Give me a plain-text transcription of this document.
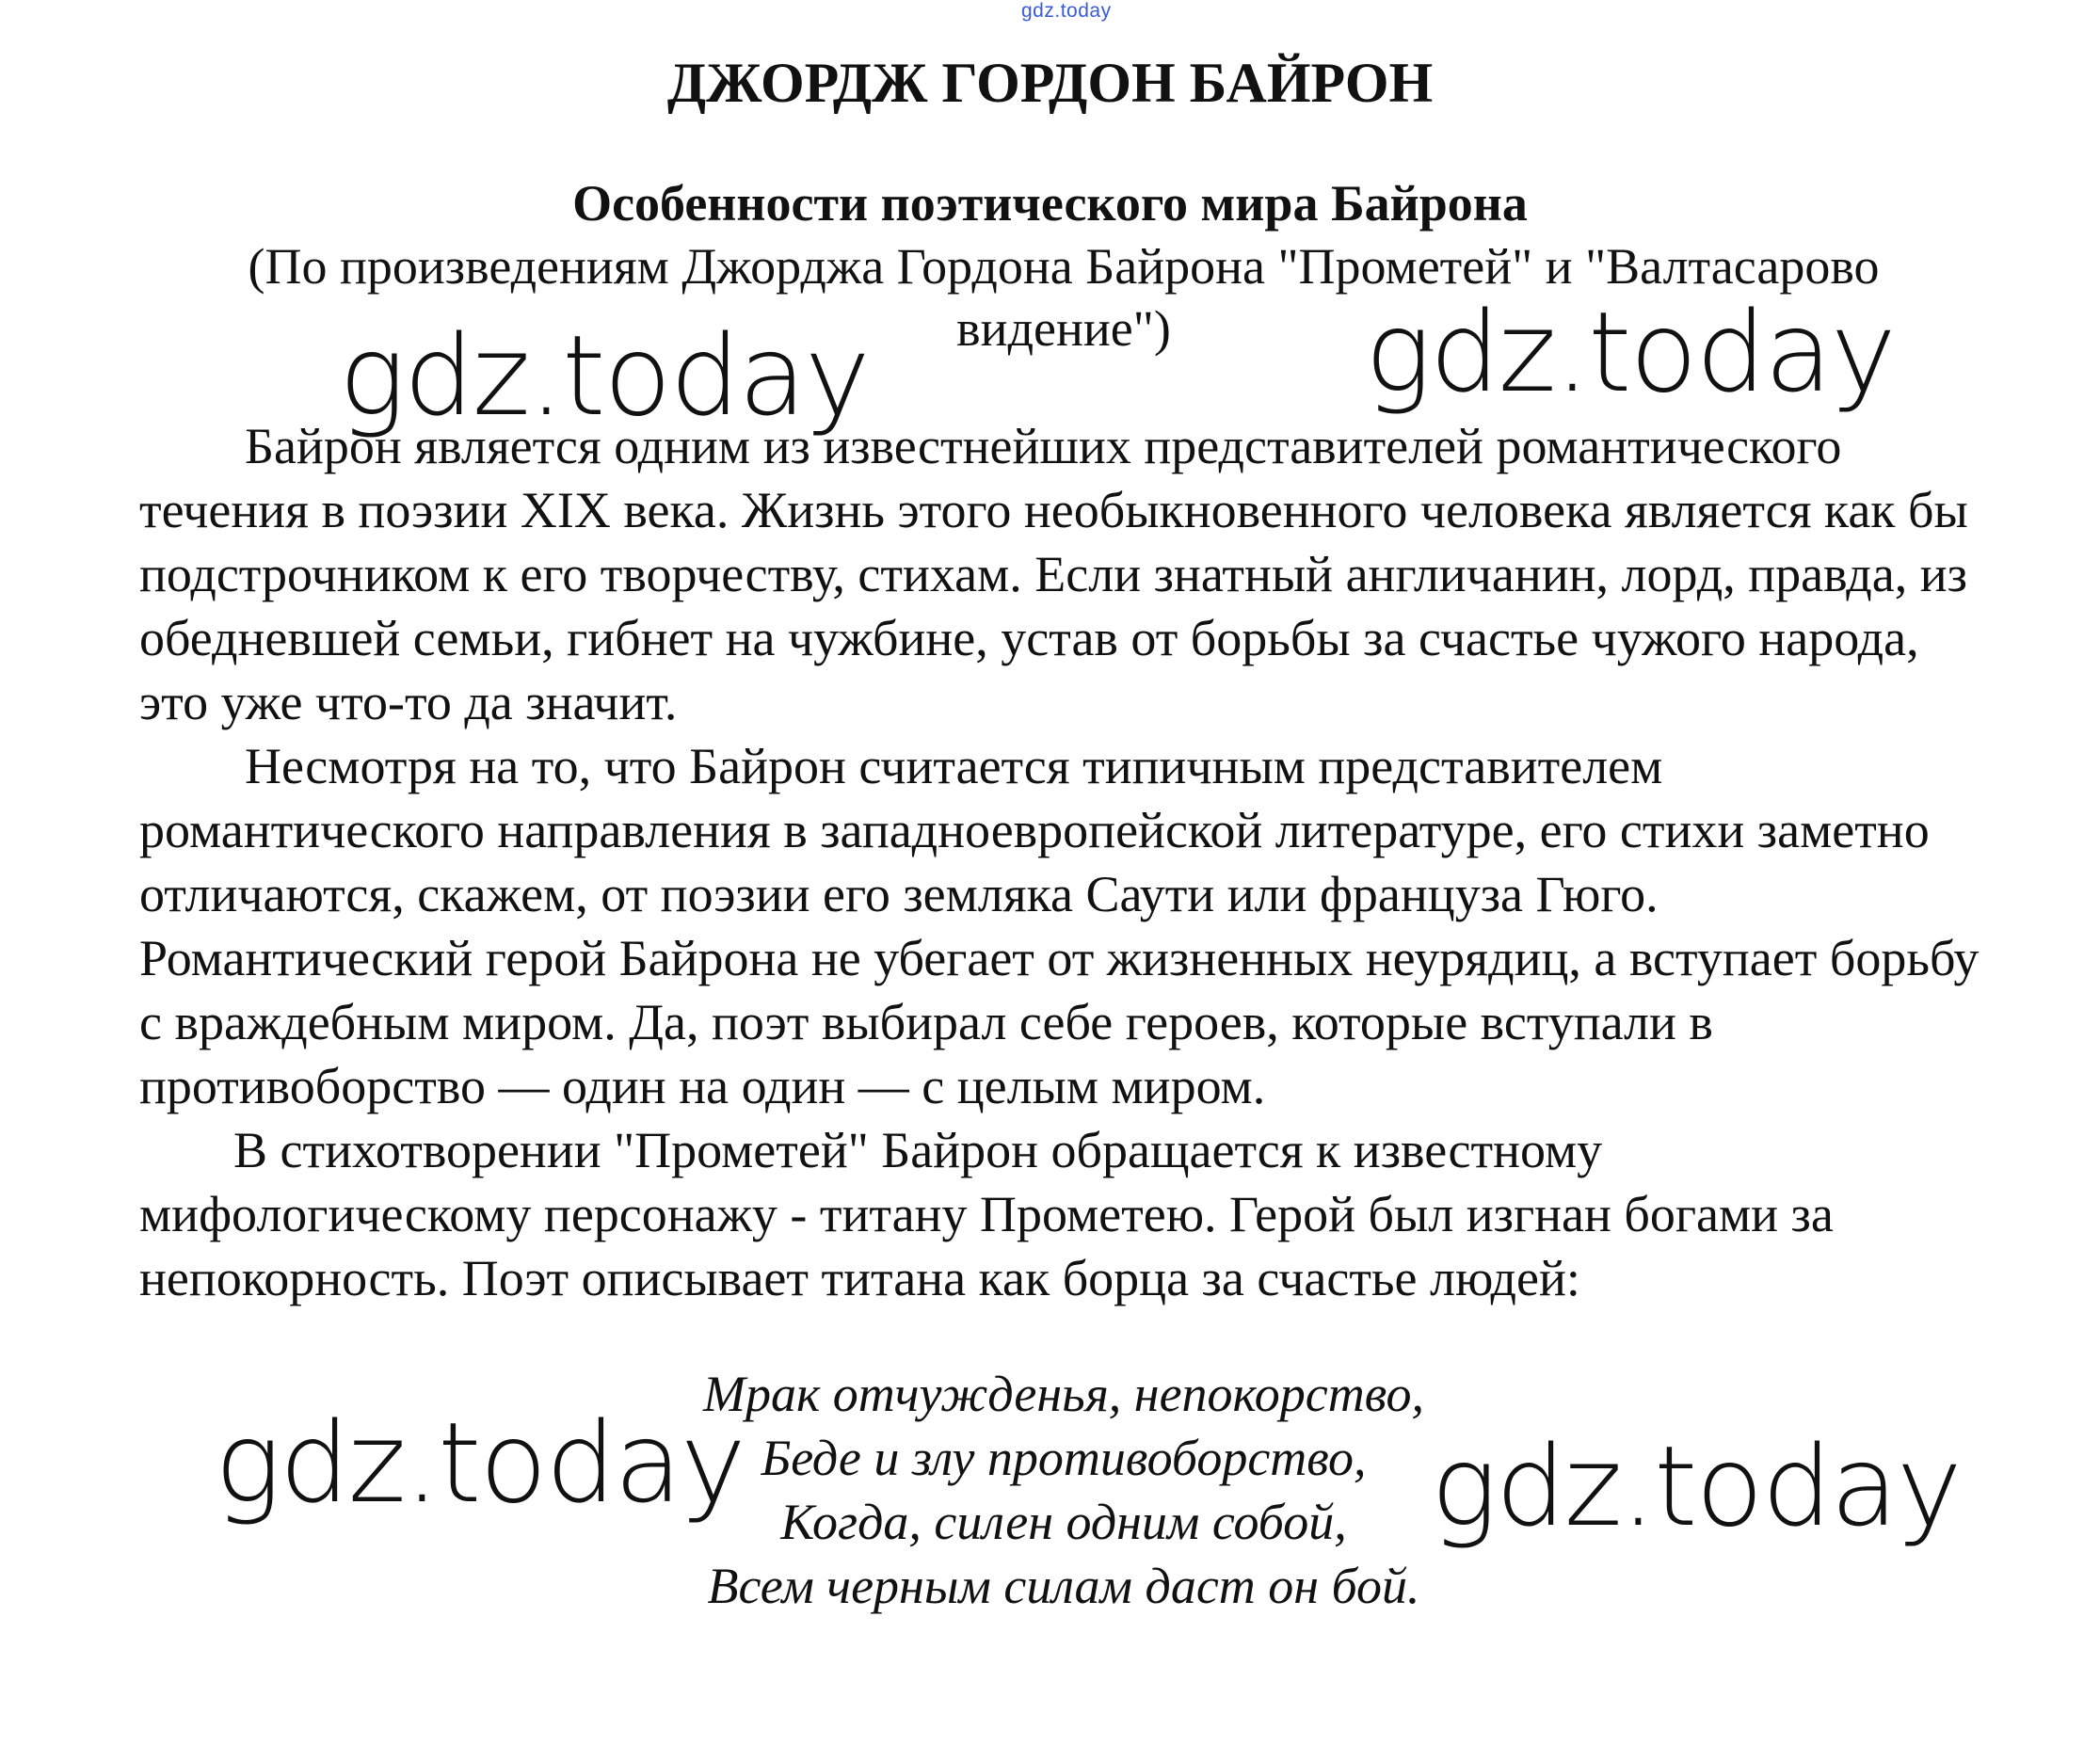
gdz.today
ДЖОРДЖ ГОРДОН БАЙРОН
Особенности поэтического мира Байрона
(По произведениям Джорджа Гордона Байрона "Прометей" и "Валтасарово видение")

Байрон является одним из известнейших представителей романтического течения в поэзии XIX века. Жизнь этого необыкновенного человека является как бы подстрочником к его творчеству, стихам. Если знатный англичанин, лорд, правда, из обедневшей семьи, гибнет на чужбине, устав от борьбы за счастье чужого народа, это уже что-то да значит.

Несмотря на то, что Байрон считается типичным представителем романтического направления в западноевропейской литературе, его стихи заметно отличаются, скажем, от поэзии его земляка Саути или француза Гюго. Романтический герой Байрона не убегает от жизненных неурядиц, а вступает борьбу с враждебным миром. Да, поэт выбирал себе героев, которые вступали в противоборство — один на один — с целым миром.

В стихотворении "Прометей" Байрон обращается к известному мифологическому персонажу - титану Прометею. Герой был изгнан богами за непокорность. Поэт описывает титана как борца за счастье людей:

Мрак отчужденья, непокорство,
Беде и злу противоборство,
Когда, силен одним собой,
Всем черным силам даст он бой.
gdz.today	gdz.today
gdz.today	gdz.today
